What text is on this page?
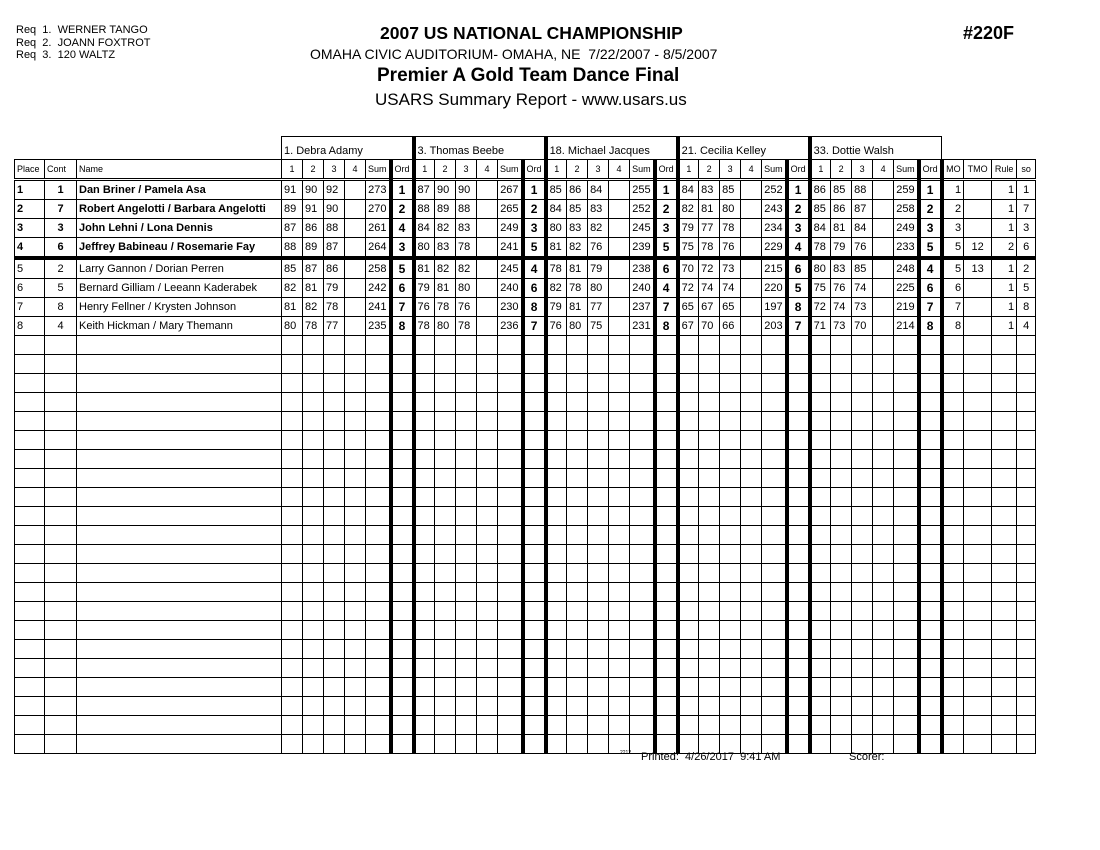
Req  1.  WERNER TANGO
Req  2.  JOANN FOXTROT
Req  3.  120 WALTZ
2007 US NATIONAL CHAMPIONSHIP
OMAHA CIVIC AUDITORIUM- OMAHA, NE  7/22/2007 - 8/5/2007
Premier A Gold Team Dance Final
USARS Summary Report - www.usars.us
#220F
			1. Debra Adamy						3. Thomas Beebe						18. Michael Jacques						21. Cecilia Kelley						33. Dottie Walsh									
Place	Cont	Name	1	2	3	4	Sum	Ord	1	2	3	4	Sum	Ord	1	2	3	4	Sum	Ord	1	2	3	4	Sum	Ord	1	2	3	4	Sum	Ord	MO	TMO	Rule	so
1	1	Dan Briner / Pamela Asa	91	90	92		273	1	87	90	90		267	1	85	86	84		255	1	84	83	85		252	1	86	85	88		259	1	1		1	1
2	7	Robert Angelotti / Barbara Angelotti	89	91	90		270	2	88	89	88		265	2	84	85	83		252	2	82	81	80		243	2	85	86	87		258	2	2		1	7
3	3	John Lehni / Lona Dennis	87	86	88		261	4	84	82	83		249	3	80	83	82		245	3	79	77	78		234	3	84	81	84		249	3	3		1	3
4	6	Jeffrey Babineau / Rosemarie Fay	88	89	87		264	3	80	83	78		241	5	81	82	76		239	5	75	78	76		229	4	78	79	76		233	5	5	12	2	6
5	2	Larry Gannon / Dorian Perren	85	87	86		258	5	81	82	82		245	4	78	81	79		238	6	70	72	73		215	6	80	83	85		248	4	5	13	1	2
6	5	Bernard Gilliam / Leeann Kaderabek	82	81	79		242	6	79	81	80		240	6	82	78	80		240	4	72	74	74		220	5	75	76	74		225	6	6		1	5
7	8	Henry Fellner / Krysten Johnson	81	82	78		241	7	76	78	76		230	8	79	81	77		237	7	65	67	65		197	8	72	74	73		219	7	7		1	8
8	4	Keith Hickman / Mary Themann	80	78	77		235	8	78	80	78		236	7	76	80	75		231	8	67	70	66		203	7	71	73	70		214	8	8		1	4

2212 Printed:  4/26/2017  9:41 AM	Scorer:
